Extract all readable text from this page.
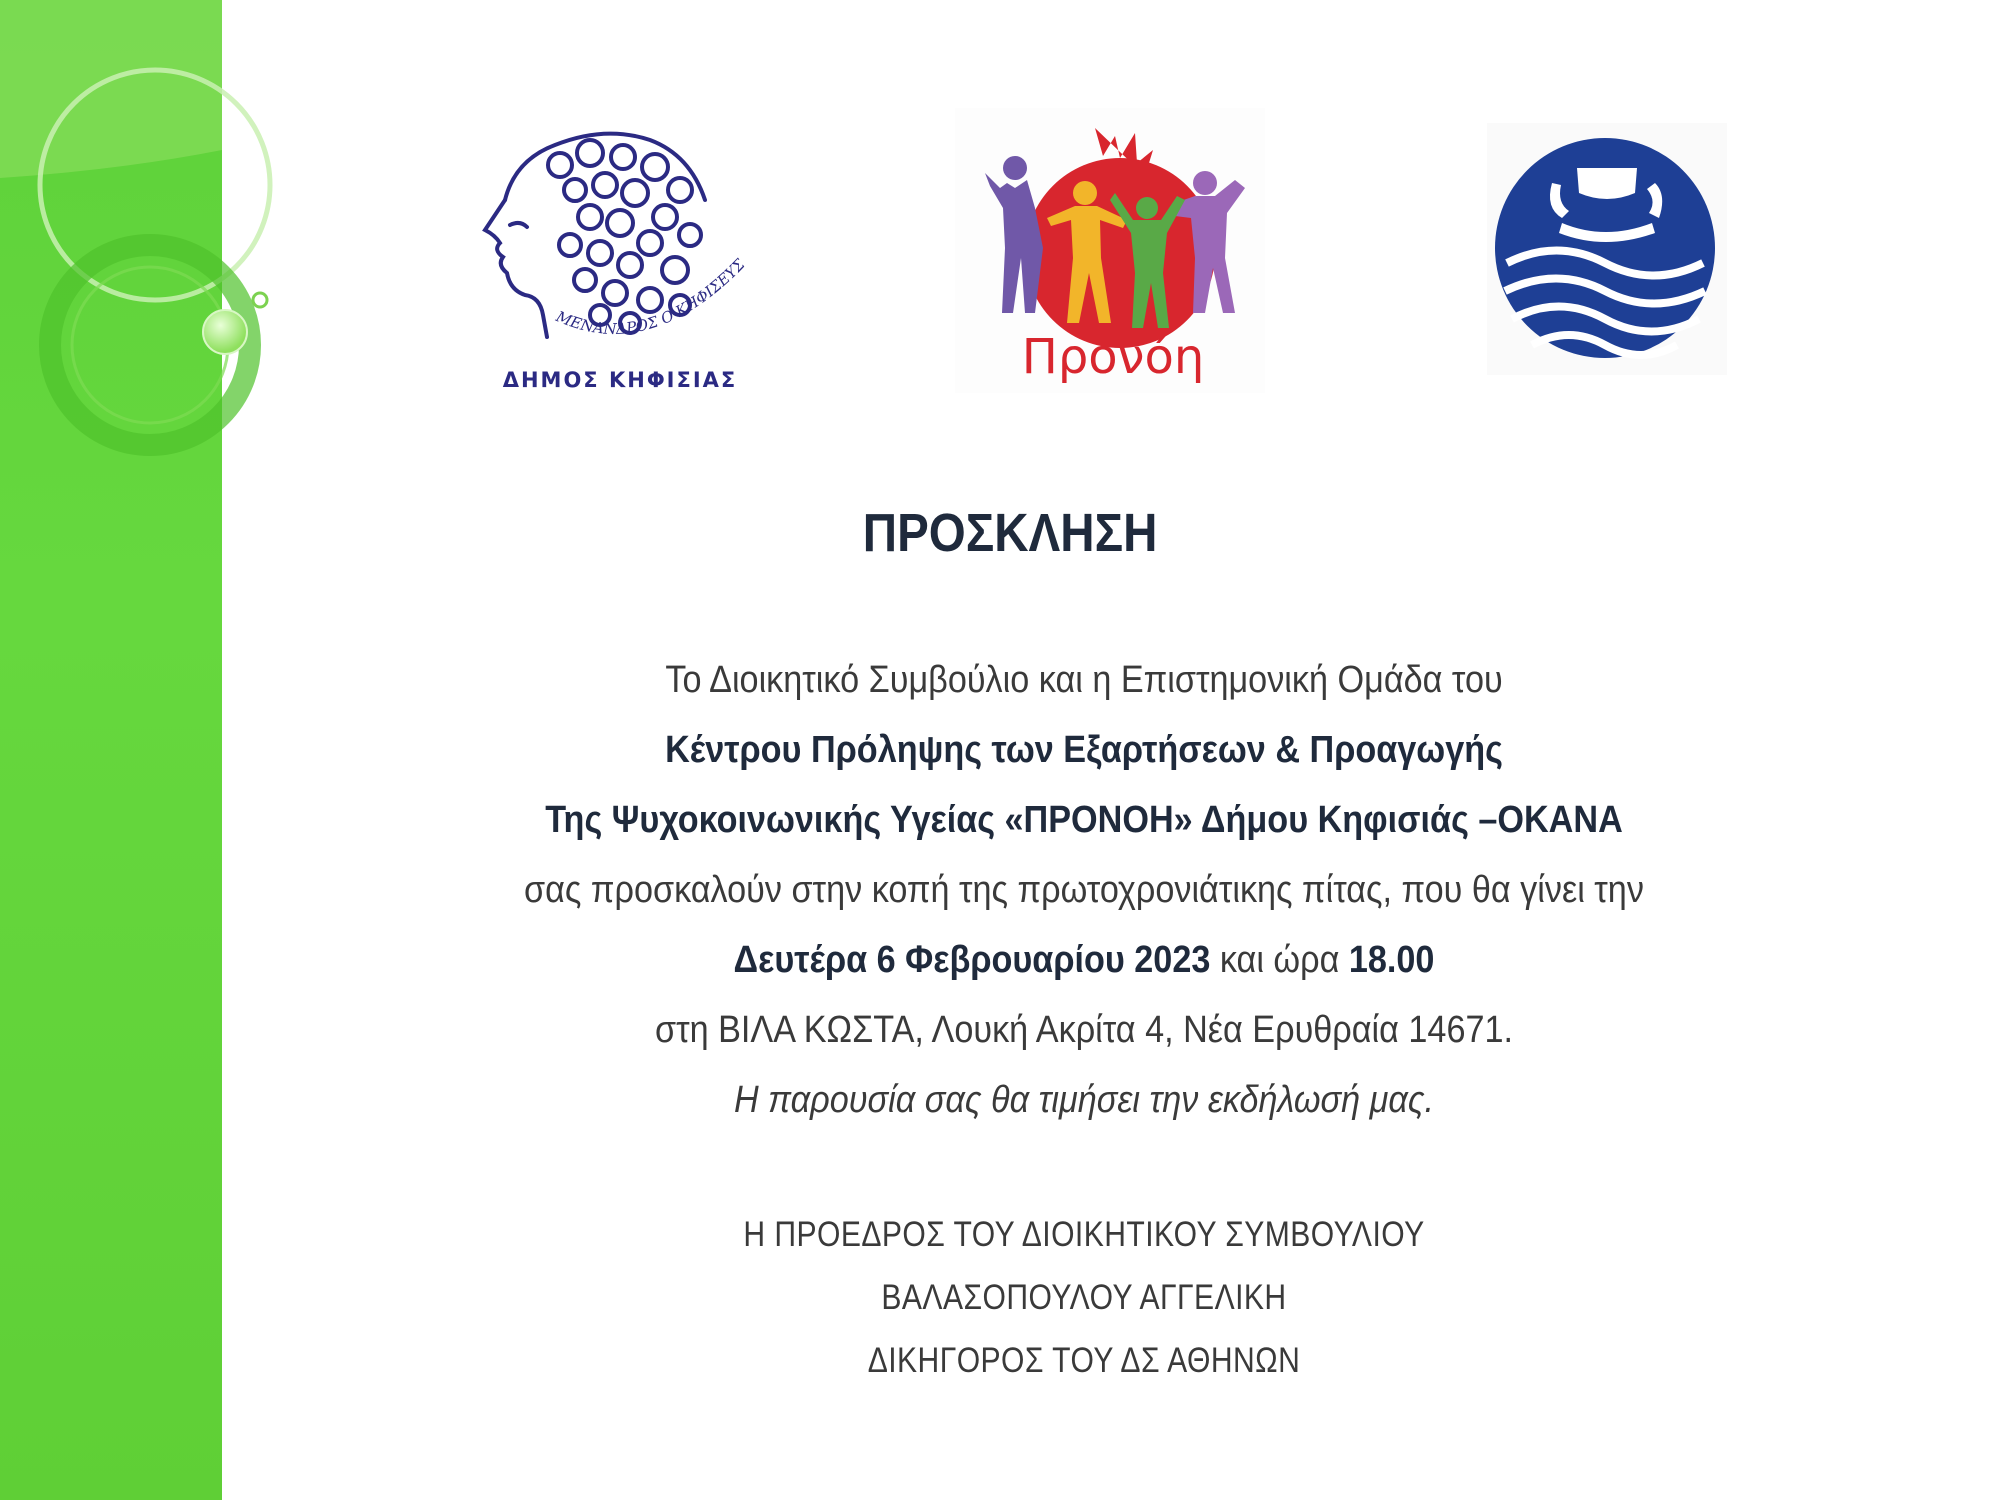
ΜΕΝΑΝΔΡΟΣ Ο ΚΗΦΙΣΕΥΣ
ΔΗΜΟΣ ΚΗΦΙΣΙΑΣ	Πρoνόη
ΠΡΟΣΚΛΗΣΗ
Το Διοικητικό Συμβούλιο και η Επιστημονική Ομάδα του
Κέντρου Πρόληψης των Εξαρτήσεων & Προαγωγής
Της Ψυχοκοινωνικής Υγείας «ΠΡΟΝΟΗ» Δήμου Κηφισιάς –ΟΚΑΝΑ
σας προσκαλούν στην κοπή της πρωτοχρονιάτικης πίτας, που θα γίνει την
Δευτέρα 6 Φεβρουαρίου 2023 και ώρα 18.00
στη ΒΙΛΑ ΚΩΣΤΑ, Λουκή Ακρίτα 4, Νέα Ερυθραία 14671.
Η παρουσία σας θα τιμήσει την εκδήλωσή μας.
Η ΠΡΟΕΔΡΟΣ ΤΟΥ ΔΙΟΙΚΗΤΙΚΟΥ ΣΥΜΒΟΥΛΙΟΥ
ΒΑΛΑΣΟΠΟΥΛΟΥ ΑΓΓΕΛΙΚΗ
ΔΙΚΗΓΟΡΟΣ ΤΟΥ ΔΣ ΑΘΗΝΩΝ
